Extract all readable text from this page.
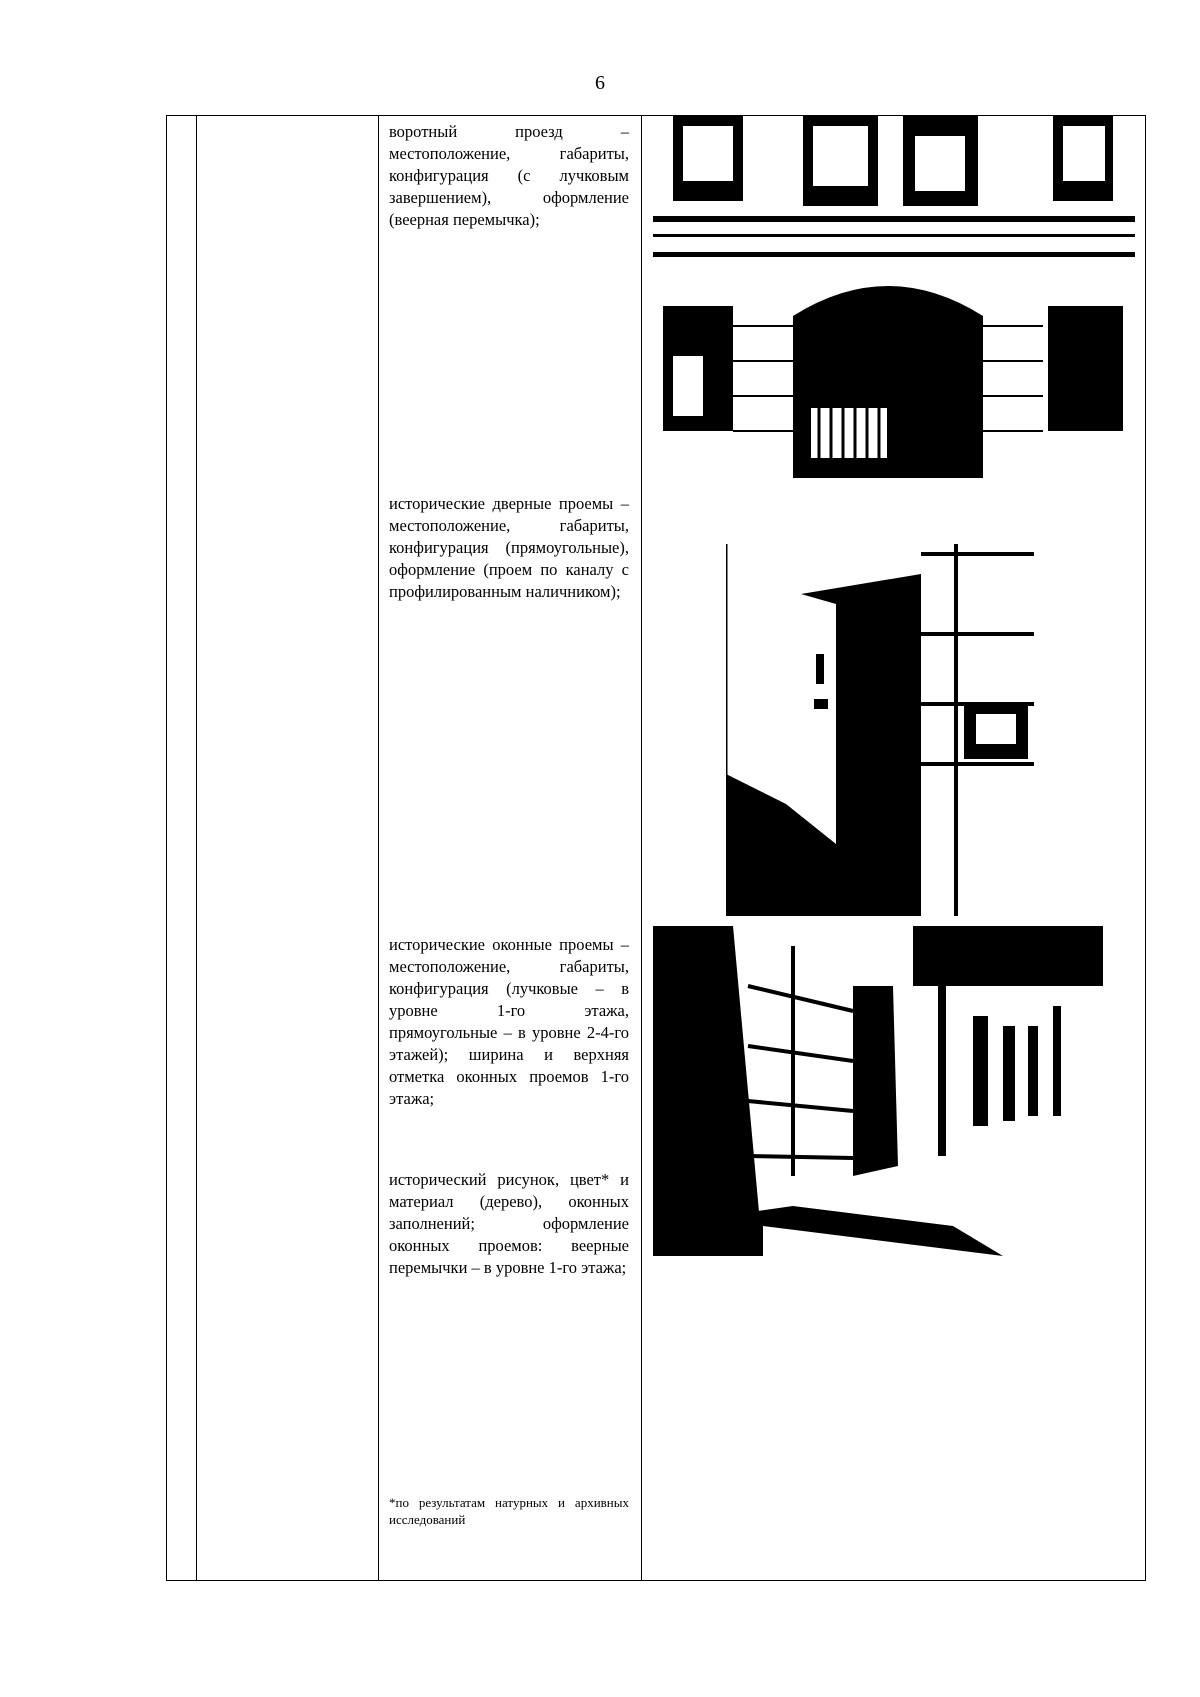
6

воротный проезд – местоположение, габариты, конфигурация (с лучковым завершением), оформление (веерная перемычка);

исторические дверные проемы – местоположение, габариты, конфигурация (прямоугольные), оформление (проем по каналу с профилированным наличником);

исторические оконные проемы – местоположение, габариты, конфигурация (лучковые – в уровне 1-го этажа, прямоугольные – в уровне 2-4-го этажей); ширина и верхняя отметка оконных проемов 1-го этажа;

исторический рисунок, цвет* и материал (дерево), оконных заполнений; оформление оконных проемов: веерные перемычки – в уровне 1-го этажа;

*по результатам натурных и архивных исследований
